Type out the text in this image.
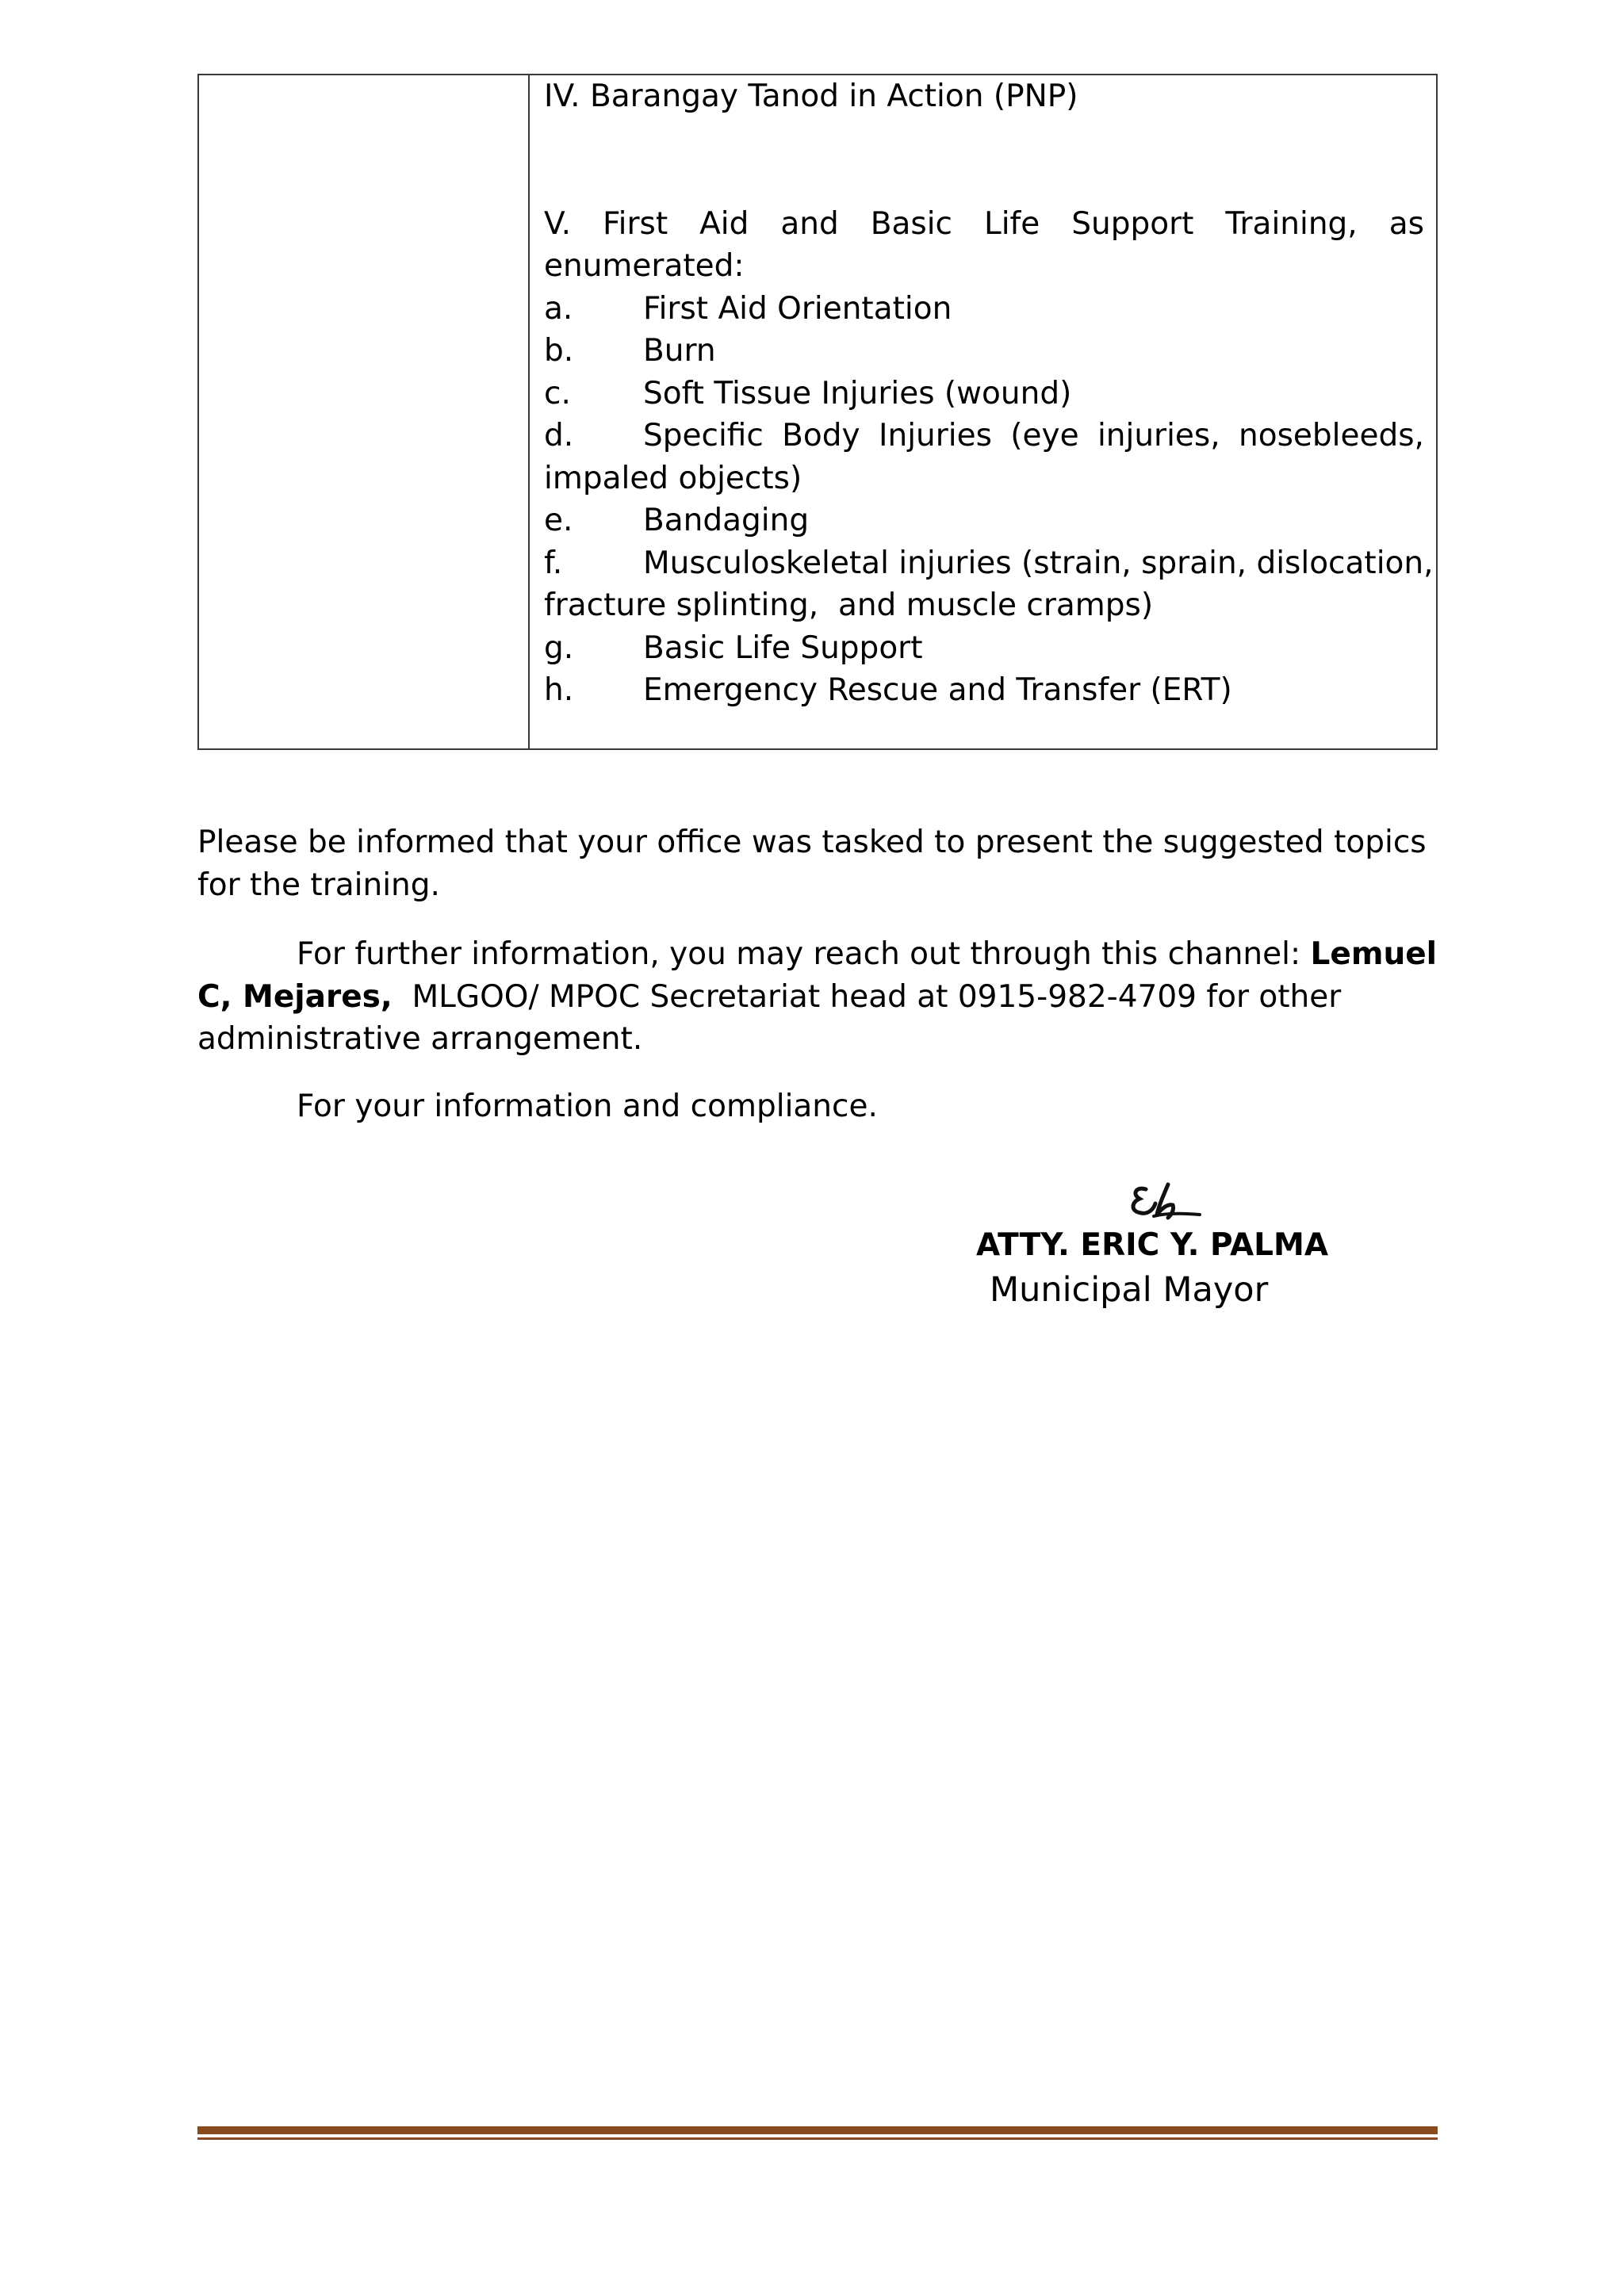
IV. Barangay Tanod in Action (PNP)
V. First Aid and Basic Life Support Training, as
enumerated:
a.	First Aid Orientation
b.	Burn
c.	Soft Tissue Injuries (wound)
d.	Specific Body Injuries (eye injuries, nosebleeds,
impaled objects)
e.	Bandaging
f.	Musculoskeletal injuries (strain, sprain, dislocation,
fracture splinting,  and muscle cramps)
g.	Basic Life Support
h.	Emergency Rescue and Transfer (ERT)
Please be informed that your office was tasked to present the suggested topics
for the training.
For further information, you may reach out through this channel: Lemuel
C, Mejares,  MLGOO/ MPOC Secretariat head at 0915-982-4709 for other
administrative arrangement.
For your information and compliance.
ATTY. ERIC Y. PALMA
Municipal Mayor
